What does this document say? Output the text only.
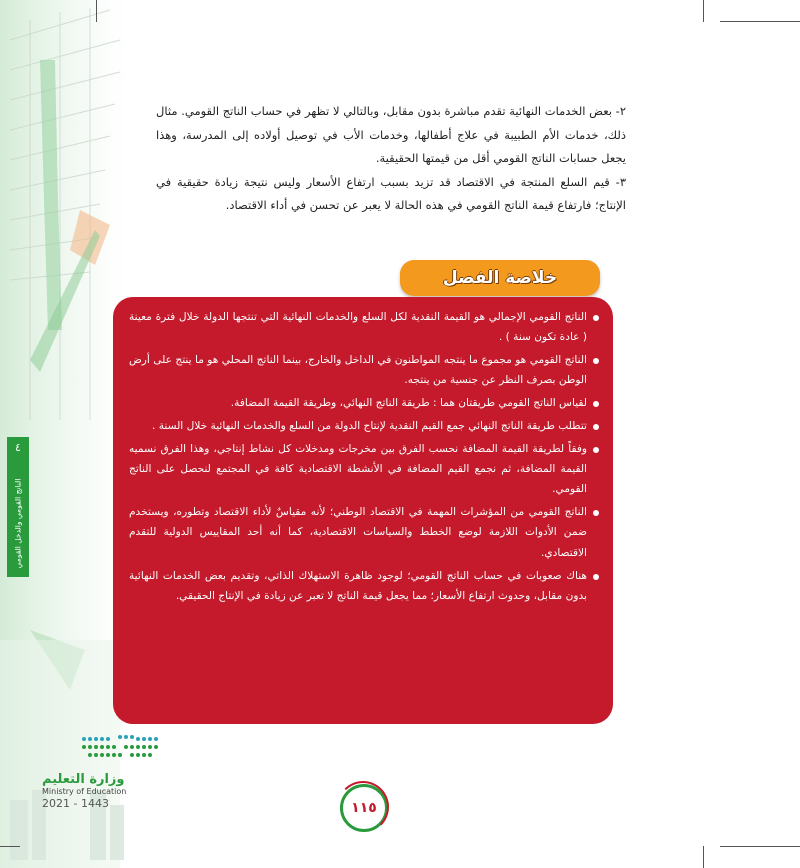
٢- بعض الخدمات النهائية تقدم مباشرة بدون مقابل، وبالتالي لا تظهر في حساب الناتج القومي. مثال ذلك، خدمات الأم الطبيبة في علاج أطفالها، وخدمات الأب في توصيل أولاده إلى المدرسة، وهذا يجعل حسابات الناتج القومي أقل من قيمتها الحقيقية.

٣- قيم السلع المنتجة في الاقتصاد قد تزيد بسبب ارتفاع الأسعار وليس نتيجة زيادة حقيقية في الإنتاج؛ فارتفاع قيمة الناتج القومي في هذه الحالة لا يعبر عن تحسن في أداء الاقتصاد.

خلاصة الفصل
الناتج القومي الإجمالي هو القيمة النقدية لكل السلع والخدمات النهائية التي تنتجها الدولة خلال فترة معينة ( عادة تكون سنة ) .
الناتج القومي هو مجموع ما ينتجه المواطنون في الداخل والخارج، بينما الناتج المحلي هو ما ينتج على أرض الوطن بصرف النظر عن جنسية من ينتجه.
لقياس الناتج القومي طريقتان هما : طريقة الناتج النهائي، وطريقة القيمة المضافة.
تتطلب طريقة الناتج النهائي جمع القيم النقدية لإنتاج الدولة من السلع والخدمات النهائية خلال السنة .
وفقاً لطريقة القيمة المضافة نحسب الفرق بين مخرجات ومدخلات كل نشاط إنتاجي، وهذا الفرق نسميه القيمة المضافة، ثم نجمع القيم المضافة في الأنشطة الاقتصادية كافة في المجتمع لنحصل على الناتج القومي.
الناتج القومي من المؤشرات المهمة في الاقتصاد الوطني؛ لأنه مقياسٌ لأداء الاقتصاد وتطوره، ويستخدم ضمن الأدوات اللازمة لوضع الخطط والسياسات الاقتصادية، كما أنه أحد المقاييس الدولية للتقدم الاقتصادي.
هناك صعوبات في حساب الناتج القومي؛ لوجود ظاهرة الاستهلاك الذاتي، وتقديم بعض الخدمات النهائية بدون مقابل، وحدوث ارتفاع الأسعار؛ مما يجعل قيمة الناتج لا تعبر عن زيادة في الإنتاج الحقيقي.
٤
الناتج القومي والدخل القومي
وزارة التعليم
Ministry of Education
2021 - 1443	١١٥
